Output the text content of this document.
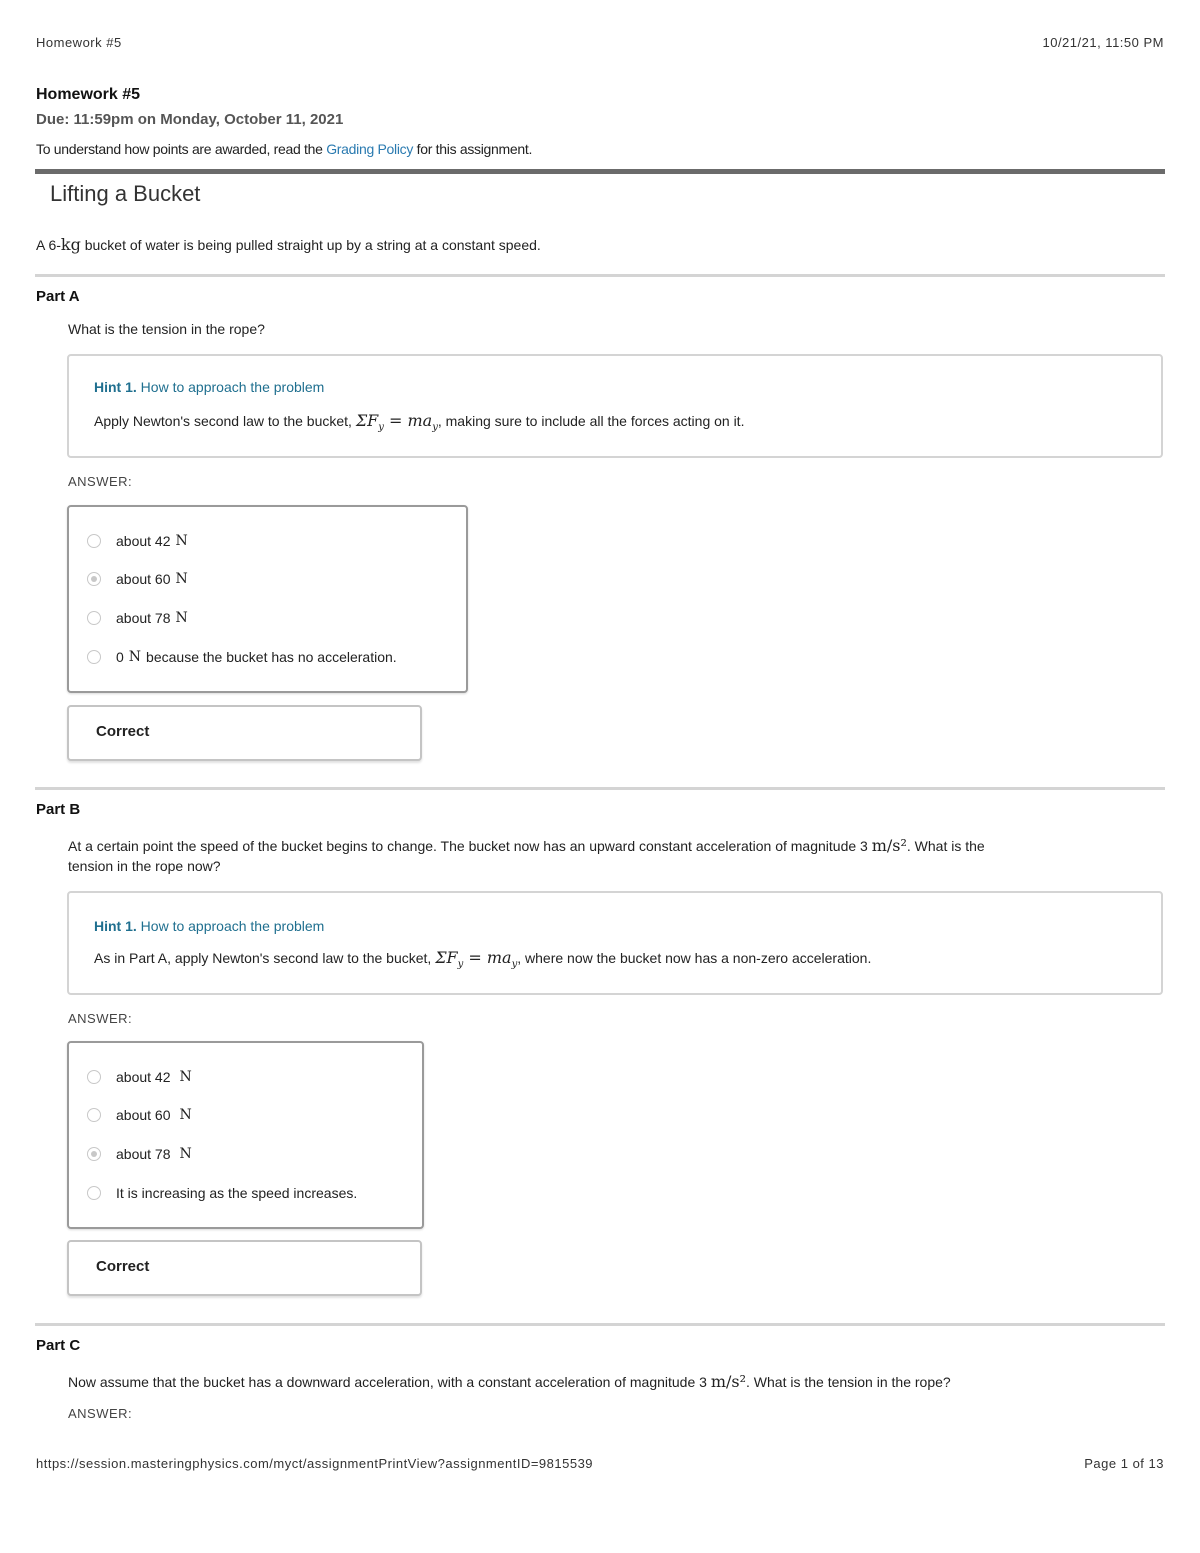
Homework #5	10/21/21, 11:50 PM
Homework #5
Due: 11:59pm on Monday, October 11, 2021
To understand how points are awarded, read the Grading Policy for this assignment.
Lifting a Bucket
A 6-kg bucket of water is being pulled straight up by a string at a constant speed.
Part A
What is the tension in the rope?
Hint 1. How to approach the problem
Apply Newton's second law to the bucket, $\Sigma F_y = ma_y$, making sure to include all the forces acting on it.
ANSWER:
about 42 N
about 60 N
about 78 N
0 N because the bucket has no acceleration.
Correct
Part B
At a certain point the speed of the bucket begins to change. The bucket now has an upward constant acceleration of magnitude 3 m/s². What is the
tension in the rope now?
Hint 1. How to approach the problem
As in Part A, apply Newton's second law to the bucket, $\Sigma F_y = ma_y$, where now the bucket now has a non-zero acceleration.
ANSWER:
about 42 N
about 60 N
about 78 N
It is increasing as the speed increases.
Correct
Part C
Now assume that the bucket has a downward acceleration, with a constant acceleration of magnitude 3 m/s². What is the tension in the rope?
ANSWER:
https://session.masteringphysics.com/myct/assignmentPrintView?assignmentID=9815539	Page 1 of 13
